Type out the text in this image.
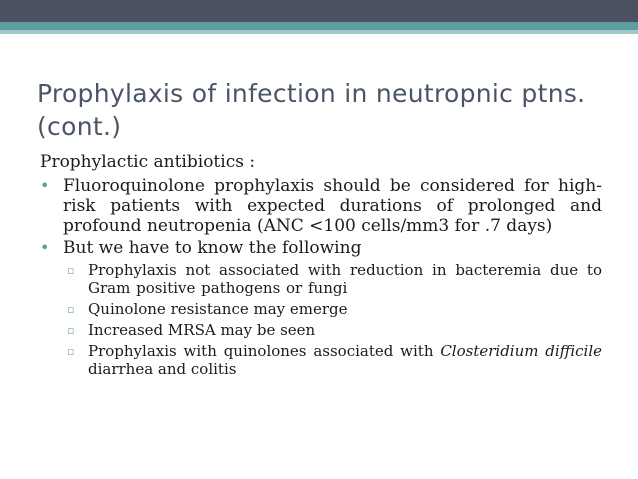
Prophylaxis of infection in neutropnic ptns.(cont.)
Prophylactic antibiotics :
• Fluoroquinolone prophylaxis should be considered for high-risk patients with expected durations of prolonged and profound neutropenia (ANC <100 cells/mm3 for .7 days)
• But we have to know the following
▫ Prophylaxis not associated with reduction in bacteremia due to Gram positive pathogens or fungi
▫ Quinolone resistance may emerge
▫ Increased MRSA may be seen
▫ Prophylaxis with quinolones associated with Closteridium difficile diarrhea and colitis
